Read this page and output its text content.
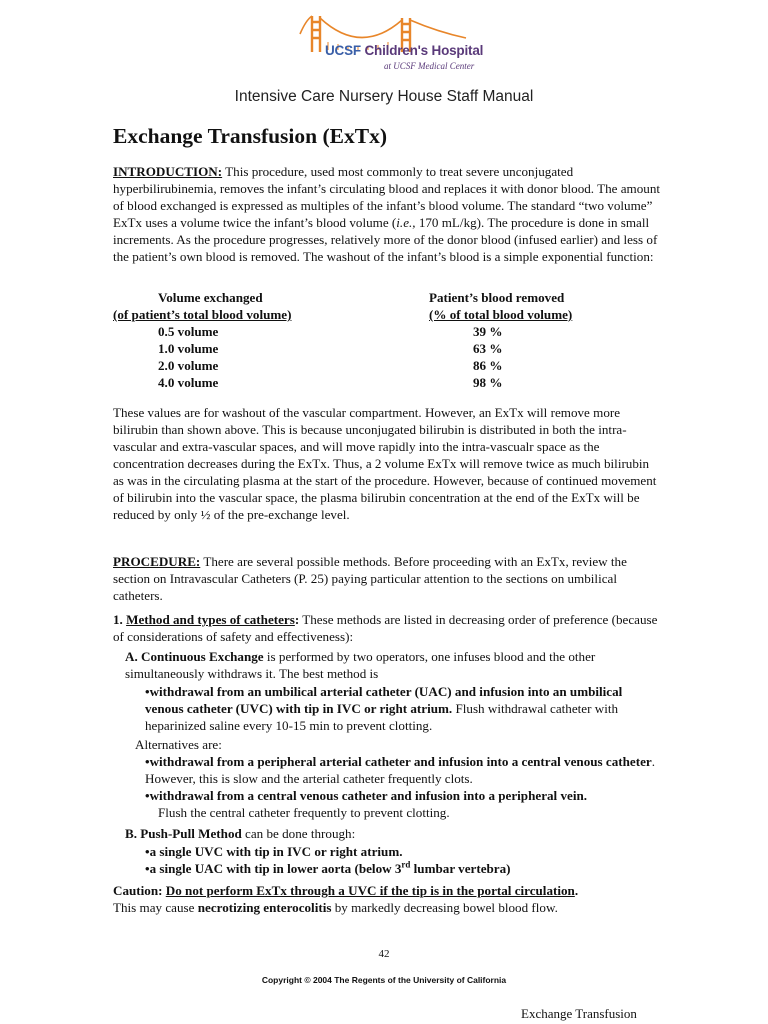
UCSF Children's Hospital
at UCSF Medical Center
Intensive Care Nursery House Staff Manual
Exchange Transfusion (ExTx)
INTRODUCTION: This procedure, used most commonly to treat severe unconjugated hyperbilirubinemia, removes the infant’s circulating blood and replaces it with donor blood. The amount of blood exchanged is expressed as multiples of the infant’s blood volume. The standard “two volume” ExTx uses a volume twice the infant’s blood volume (i.e., 170 mL/kg). The procedure is done in small increments. As the procedure progresses, relatively more of the donor blood (infused earlier) and less of the patient’s own blood is removed. The washout of the infant’s blood is a simple exponential function:
Volume exchanged	Patient’s blood removed
(of patient’s total blood volume)	(% of total blood volume)
0.5 volume	39 %
1.0 volume	63 %
2.0 volume	86 %
4.0 volume	98 %
These values are for washout of the vascular compartment. However, an ExTx will remove more bilirubin than shown above. This is because unconjugated bilirubin is distributed in both the intra-vascular and extra-vascular spaces, and will move rapidly into the intra-vascualr space as the concentration decreases during the ExTx. Thus, a 2 volume ExTx will remove twice as much bilirubin as was in the circulating plasma at the start of the procedure. However, because of continued movement of bilirubin into the vascular space, the plasma bilirubin concentration at the end of the ExTx will be reduced by only ½ of the pre-exchange level.
PROCEDURE: There are several possible methods. Before proceeding with an ExTx, review the section on Intravascular Catheters (P. 25) paying particular attention to the sections on umbilical catheters.
1. Method and types of catheters: These methods are listed in decreasing order of preference (because of considerations of safety and effectiveness):
A. Continuous Exchange is performed by two operators, one infuses blood and the other simultaneously withdraws it. The best method is
•withdrawal from an umbilical arterial catheter (UAC) and infusion into an umbilical venous catheter (UVC) with tip in IVC or right atrium. Flush withdrawal catheter with heparinized saline every 10-15 min to prevent clotting.
Alternatives are:
•withdrawal from a peripheral arterial catheter and infusion into a central venous catheter. However, this is slow and the arterial catheter frequently clots.
•withdrawal from a central venous catheter and infusion into a peripheral vein.
Flush the central catheter frequently to prevent clotting.
B. Push-Pull Method can be done through:
•a single UVC with tip in IVC or right atrium.
•a single UAC with tip in lower aorta (below 3rd lumbar vertebra)
Caution: Do not perform ExTx through a UVC if the tip is in the portal circulation.
This may cause necrotizing enterocolitis by markedly decreasing bowel blood flow.
42
Copyright © 2004 The Regents of the University of California
Exchange Transfusion
